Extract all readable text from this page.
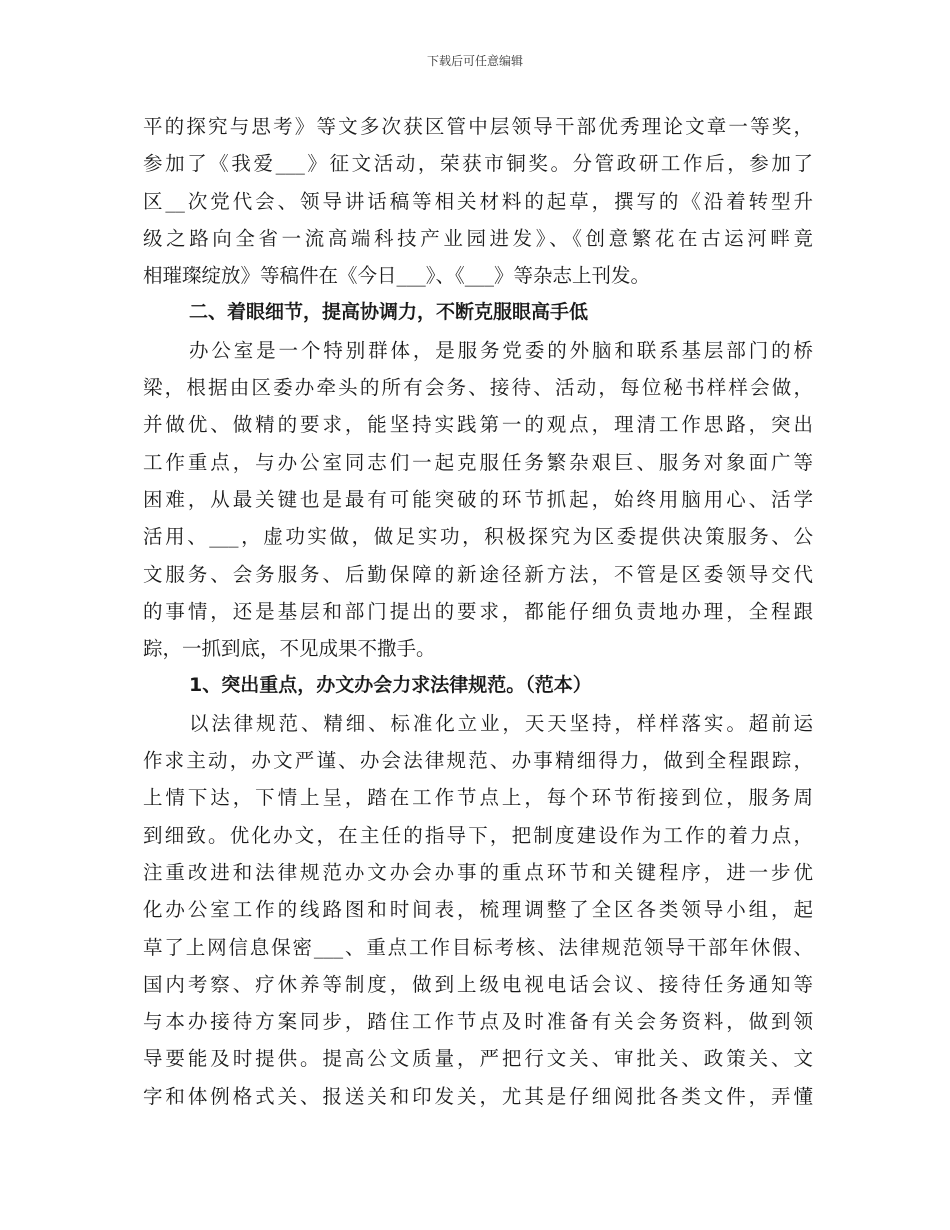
下载后可任意编辑
平的探究与思考》等文多次获区管中层领导干部优秀理论文章一等奖，
参加了《我爱___》征文活动，荣获市铜奖。分管政研工作后，参加了
区__次党代会、领导讲话稿等相关材料的起草，撰写的《沿着转型升
级之路向全省一流高端科技产业园进发》、《创意繁花在古运河畔竟
相璀璨绽放》等稿件在《今日___》、《___》等杂志上刊发。
二、着眼细节，提高协调力，不断克服眼高手低
办公室是一个特别群体，是服务党委的外脑和联系基层部门的桥
梁，根据由区委办牵头的所有会务、接待、活动，每位秘书样样会做，
并做优、做精的要求，能坚持实践第一的观点，理清工作思路，突出
工作重点，与办公室同志们一起克服任务繁杂艰巨、服务对象面广等
困难，从最关键也是最有可能突破的环节抓起，始终用脑用心、活学
活用、___，虚功实做，做足实功，积极探究为区委提供决策服务、公
文服务、会务服务、后勤保障的新途径新方法，不管是区委领导交代
的事情，还是基层和部门提出的要求，都能仔细负责地办理，全程跟
踪，一抓到底，不见成果不撒手。
1、突出重点，办文办会力求法律规范。（范本）
以法律规范、精细、标准化立业，天天坚持，样样落实。超前运
作求主动，办文严谨、办会法律规范、办事精细得力，做到全程跟踪，
上情下达，下情上呈，踏在工作节点上，每个环节衔接到位，服务周
到细致。优化办文，在主任的指导下，把制度建设作为工作的着力点，
注重改进和法律规范办文办会办事的重点环节和关键程序，进一步优
化办公室工作的线路图和时间表，梳理调整了全区各类领导小组，起
草了上网信息保密___、重点工作目标考核、法律规范领导干部年休假、
国内考察、疗休养等制度，做到上级电视电话会议、接待任务通知等
与本办接待方案同步，踏住工作节点及时准备有关会务资料，做到领
导要能及时提供。提高公文质量，严把行文关、审批关、政策关、文
字和体例格式关、报送关和印发关，尤其是仔细阅批各类文件，弄懂
